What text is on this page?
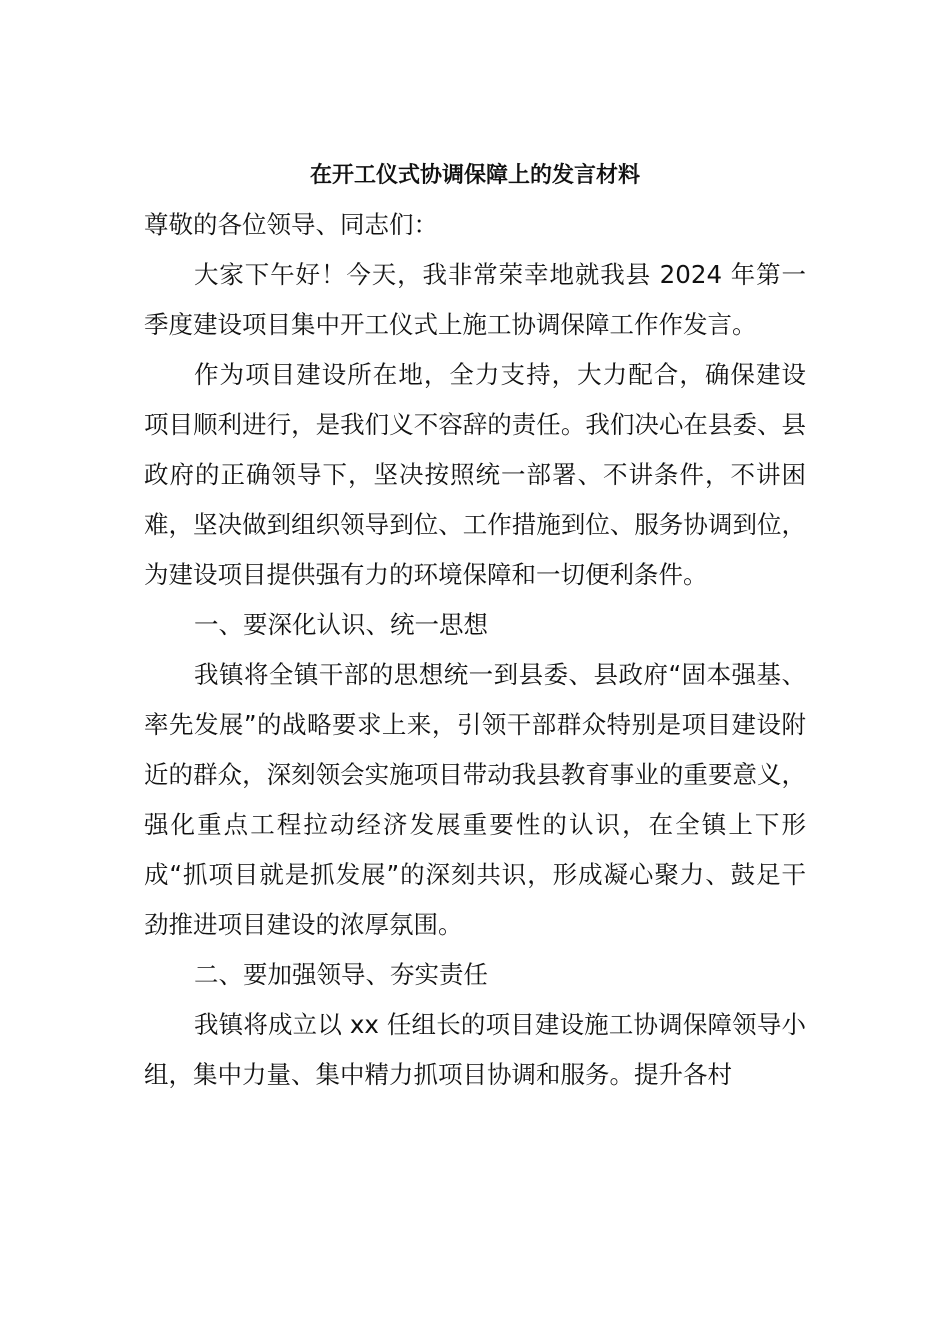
在开工仪式协调保障上的发言材料

尊敬的各位领导、同志们：

大家下午好！今天，我非常荣幸地就我县 2024 年第一季度建设项目集中开工仪式上施工协调保障工作作发言。

作为项目建设所在地，全力支持，大力配合，确保建设项目顺利进行，是我们义不容辞的责任。我们决心在县委、县政府的正确领导下，坚决按照统一部署、不讲条件，不讲困难，坚决做到组织领导到位、工作措施到位、服务协调到位，为建设项目提供强有力的环境保障和一切便利条件。

一、要深化认识、统一思想

我镇将全镇干部的思想统一到县委、县政府“固本强基、率先发展”的战略要求上来，引领干部群众特别是项目建设附近的群众，深刻领会实施项目带动我县教育事业的重要意义，强化重点工程拉动经济发展重要性的认识，在全镇上下形成“抓项目就是抓发展”的深刻共识，形成凝心聚力、鼓足干劲推进项目建设的浓厚氛围。

二、要加强领导、夯实责任

我镇将成立以 xx 任组长的项目建设施工协调保障领导小组，集中力量、集中精力抓项目协调和服务。提升各村
